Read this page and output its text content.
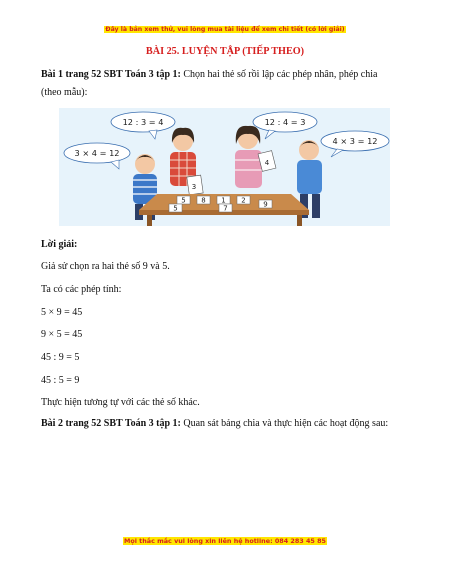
Đây là bản xem thử, vui lòng mua tài liệu để xem chi tiết (có lời giải)
BÀI 25. LUYỆN TẬP (TIẾP THEO)

Bài 1 trang 52 SBT Toán 3 tập 1: Chọn hai thẻ số rồi lập các phép nhân, phép chia
(theo mẫu):

12 : 3 = 4	12 : 4 = 3
3 × 4 = 12
4 × 3 = 12
3
4
5 8 1 2
5	7	9

Lời giải:

Giả sử chọn ra hai thẻ số 9 và 5.

Ta có các phép tính:

5 × 9 = 45

9 × 5 = 45

45 : 9 = 5

45 : 5 = 9

Thực hiện tương tự với các thẻ số khác.

Bài 2 trang 52 SBT Toán 3 tập 1: Quan sát bảng chia và thực hiện các hoạt động sau:

Mọi thắc mắc vui lòng xin liên hệ hotline: 084 283 45 85
